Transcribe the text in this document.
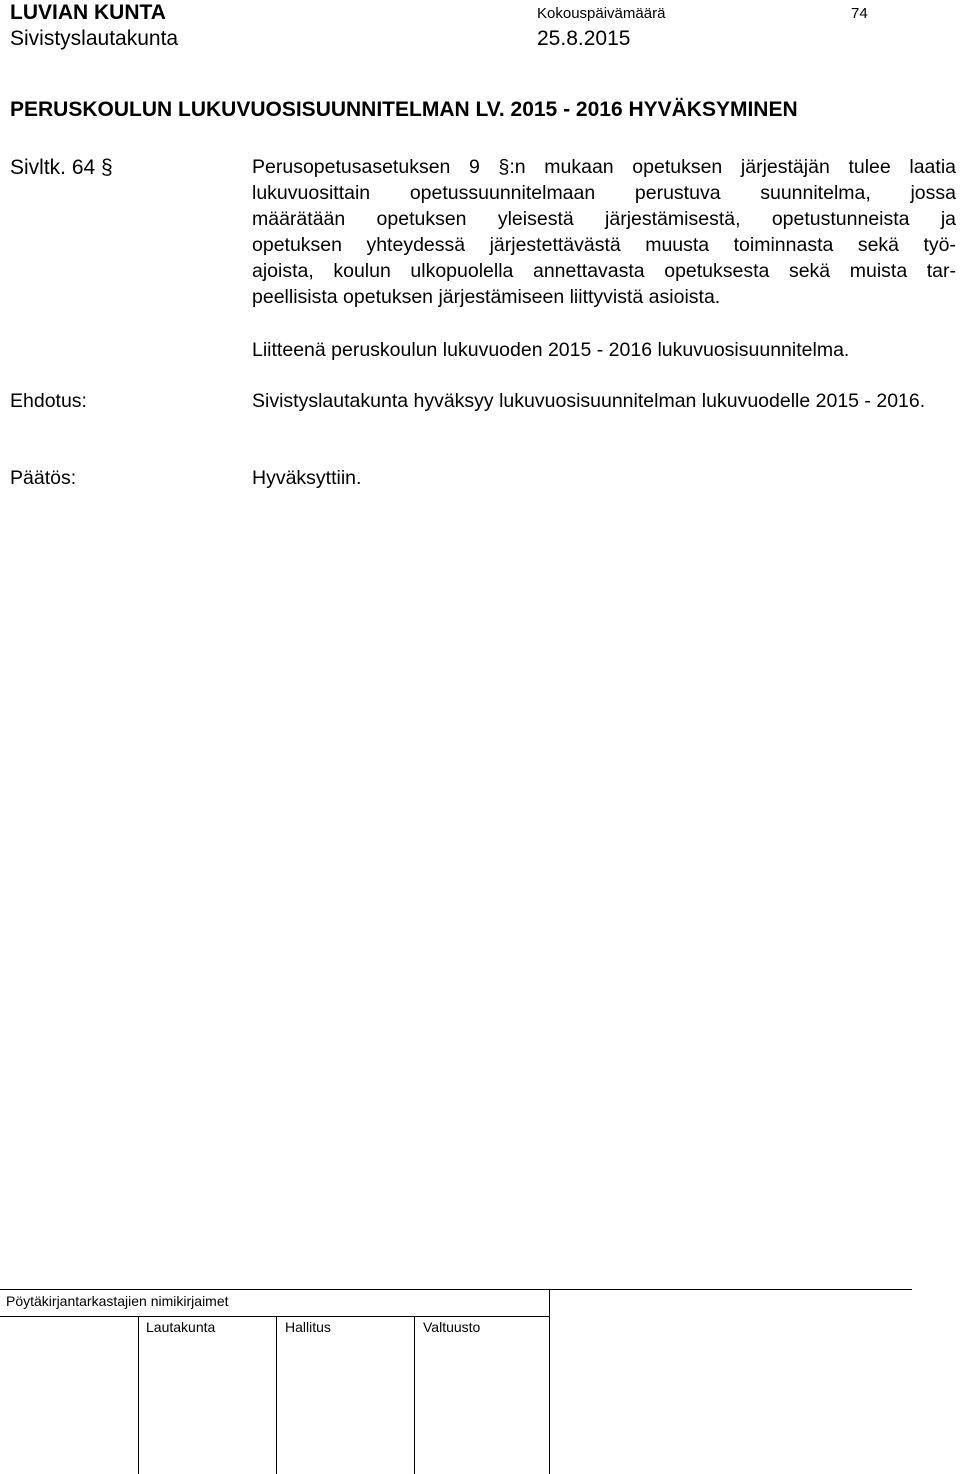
LUVIAN KUNTA
Sivistyslautakunta
Kokouspäivämäärä
25.8.2015
74
PERUSKOULUN LUKUVUOSISUUNNITELMAN LV. 2015 - 2016 HYVÄKSYMINEN
Sivltk. 64 §	Perusopetusasetuksen 9 §:n mukaan opetuksen järjestäjän tulee laatia
lukuvuosittain opetussuunnitelmaan perustuva suunnitelma, jossa
määrätään opetuksen yleisestä järjestämisestä, opetustunneista ja
opetuksen yhteydessä järjestettävästä muusta toiminnasta sekä työ-
ajoista, koulun ulkopuolella annettavasta opetuksesta sekä muista tar-
peellisista opetuksen järjestämiseen liittyvistä asioista.
Liitteenä peruskoulun lukuvuoden 2015 - 2016 lukuvuosisuunnitelma.
Ehdotus:	Sivistyslautakunta hyväksyy lukuvuosisuunnitelman lukuvuodelle 2015 - 2016.
Päätös:	Hyväksyttiin.
Pöytäkirjantarkastajien nimikirjaimet
Lautakunta	Hallitus	Valtuusto
